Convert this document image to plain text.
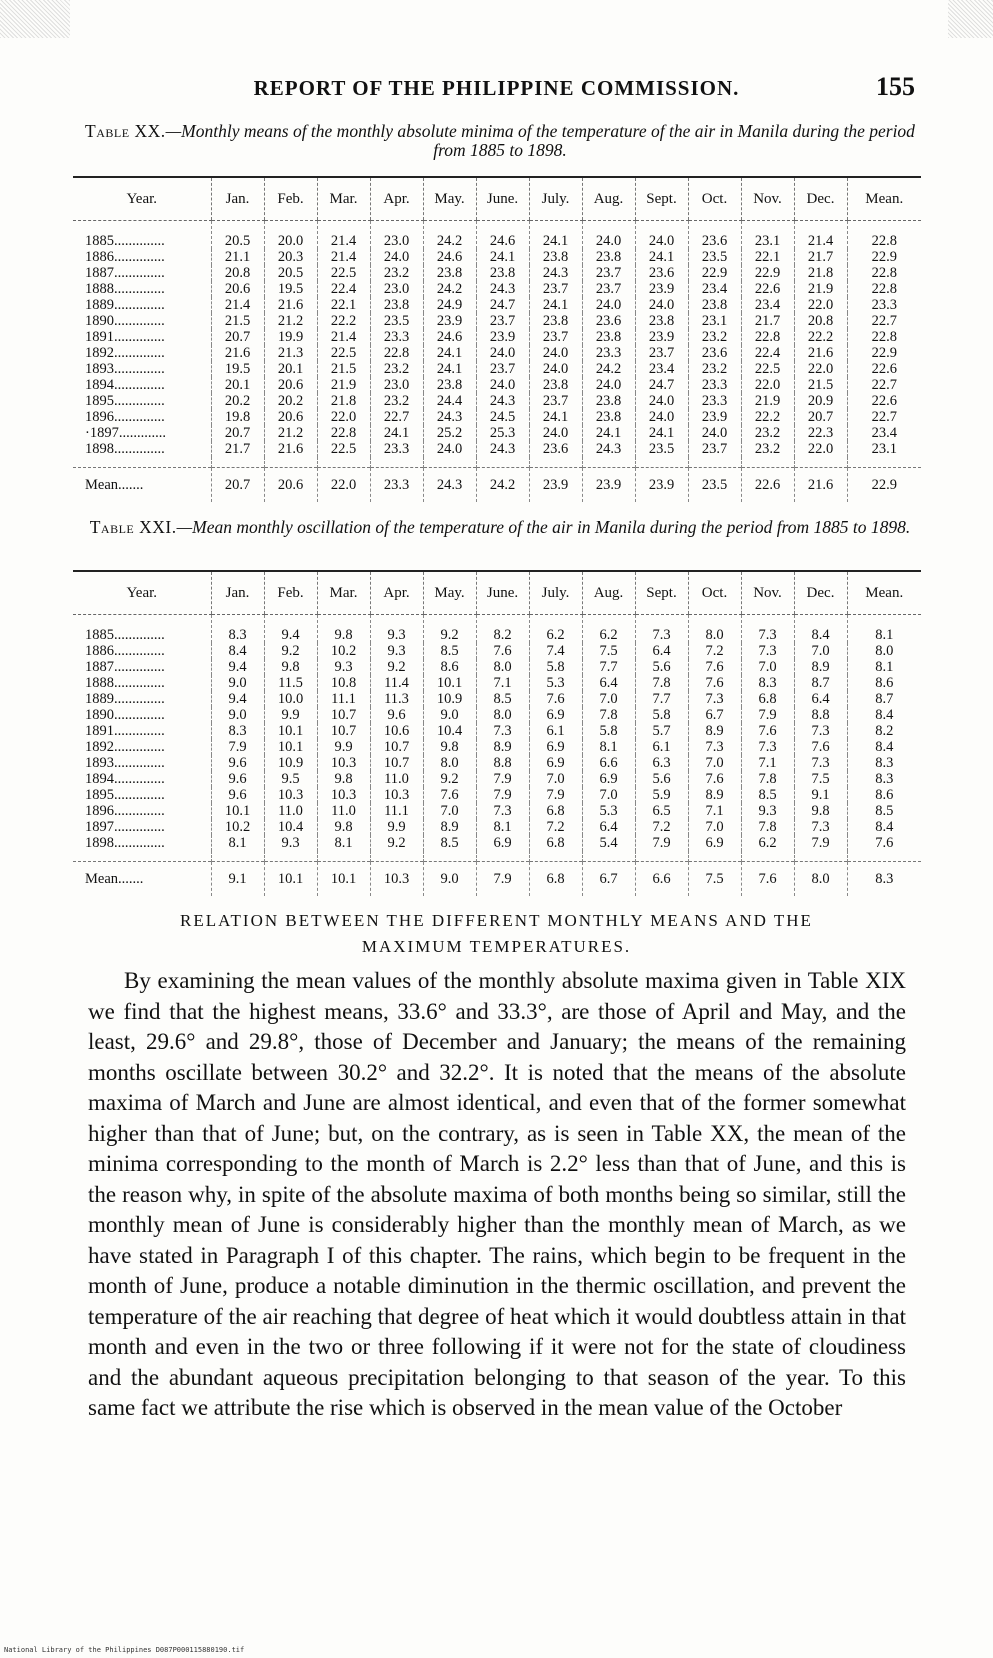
REPORT OF THE PHILIPPINE COMMISSION.	155
Table XX.—Monthly means of the monthly absolute minima of the temperature of the air in Manila during the period from 1885 to 1898.
Year.	Jan.	Feb.	Mar.	Apr.	May.	June.	July.	Aug.	Sept.	Oct.	Nov.	Dec.	Mean.
1885..............	20.5	20.0	21.4	23.0	24.2	24.6	24.1	24.0	24.0	23.6	23.1	21.4	22.8
1886..............	21.1	20.3	21.4	24.0	24.6	24.1	23.8	23.8	24.1	23.5	22.1	21.7	22.9
1887..............	20.8	20.5	22.5	23.2	23.8	23.8	24.3	23.7	23.6	22.9	22.9	21.8	22.8
1888..............	20.6	19.5	22.4	23.0	24.2	24.3	23.7	23.7	23.9	23.4	22.6	21.9	22.8
1889..............	21.4	21.6	22.1	23.8	24.9	24.7	24.1	24.0	24.0	23.8	23.4	22.0	23.3
1890..............	21.5	21.2	22.2	23.5	23.9	23.7	23.8	23.6	23.8	23.1	21.7	20.8	22.7
1891..............	20.7	19.9	21.4	23.3	24.6	23.9	23.7	23.8	23.9	23.2	22.8	22.2	22.8
1892..............	21.6	21.3	22.5	22.8	24.1	24.0	24.0	23.3	23.7	23.6	22.4	21.6	22.9
1893..............	19.5	20.1	21.5	23.2	24.1	23.7	24.0	24.2	23.4	23.2	22.5	22.0	22.6
1894..............	20.1	20.6	21.9	23.0	23.8	24.0	23.8	24.0	24.7	23.3	22.0	21.5	22.7
1895..............	20.2	20.2	21.8	23.2	24.4	24.3	23.7	23.8	24.0	23.3	21.9	20.9	22.6
1896..............	19.8	20.6	22.0	22.7	24.3	24.5	24.1	23.8	24.0	23.9	22.2	20.7	22.7
·1897.............	20.7	21.2	22.8	24.1	25.2	25.3	24.0	24.1	24.1	24.0	23.2	22.3	23.4
1898..............	21.7	21.6	22.5	23.3	24.0	24.3	23.6	24.3	23.5	23.7	23.2	22.0	23.1

Mean.......	20.7	20.6	22.0	23.3	24.3	24.2	23.9	23.9	23.9	23.5	22.6	21.6	22.9
Table XXI.—Mean monthly oscillation of the temperature of the air in Manila during the period from 1885 to 1898.
Year.	Jan.	Feb.	Mar.	Apr.	May.	June.	July.	Aug.	Sept.	Oct.	Nov.	Dec.	Mean.
1885..............	8.3	9.4	9.8	9.3	9.2	8.2	6.2	6.2	7.3	8.0	7.3	8.4	8.1
1886..............	8.4	9.2	10.2	9.3	8.5	7.6	7.4	7.5	6.4	7.2	7.3	7.0	8.0
1887..............	9.4	9.8	9.3	9.2	8.6	8.0	5.8	7.7	5.6	7.6	7.0	8.9	8.1
1888..............	9.0	11.5	10.8	11.4	10.1	7.1	5.3	6.4	7.8	7.6	8.3	8.7	8.6
1889..............	9.4	10.0	11.1	11.3	10.9	8.5	7.6	7.0	7.7	7.3	6.8	6.4	8.7
1890..............	9.0	9.9	10.7	9.6	9.0	8.0	6.9	7.8	5.8	6.7	7.9	8.8	8.4
1891..............	8.3	10.1	10.7	10.6	10.4	7.3	6.1	5.8	5.7	8.9	7.6	7.3	8.2
1892..............	7.9	10.1	9.9	10.7	9.8	8.9	6.9	8.1	6.1	7.3	7.3	7.6	8.4
1893..............	9.6	10.9	10.3	10.7	8.0	8.8	6.9	6.6	6.3	7.0	7.1	7.3	8.3
1894..............	9.6	9.5	9.8	11.0	9.2	7.9	7.0	6.9	5.6	7.6	7.8	7.5	8.3
1895..............	9.6	10.3	10.3	10.3	7.6	7.9	7.9	7.0	5.9	8.9	8.5	9.1	8.6
1896..............	10.1	11.0	11.0	11.1	7.0	7.3	6.8	5.3	6.5	7.1	9.3	9.8	8.5
1897..............	10.2	10.4	9.8	9.9	8.9	8.1	7.2	6.4	7.2	7.0	7.8	7.3	8.4
1898..............	8.1	9.3	8.1	9.2	8.5	6.9	6.8	5.4	7.9	6.9	6.2	7.9	7.6

Mean.......	9.1	10.1	10.1	10.3	9.0	7.9	6.8	6.7	6.6	7.5	7.6	8.0	8.3
RELATION BETWEEN THE DIFFERENT MONTHLY MEANS AND THE
MAXIMUM TEMPERATURES.

By examining the mean values of the monthly absolute maxima given in Table XIX we find that the highest means, 33.6° and 33.3°, are those of April and May, and the least, 29.6° and 29.8°, those of December and January; the means of the remaining months oscillate between 30.2° and 32.2°. It is noted that the means of the absolute maxima of March and June are almost identical, and even that of the former somewhat higher than that of June; but, on the contrary, as is seen in Table XX, the mean of the minima corresponding to the month of March is 2.2° less than that of June, and this is the reason why, in spite of the absolute maxima of both months being so similar, still the monthly mean of June is considerably higher than the monthly mean of March, as we have stated in Paragraph I of this chapter. The rains, which begin to be frequent in the month of June, produce a notable diminution in the thermic oscillation, and prevent the temperature of the air reaching that degree of heat which it would doubtless attain in that month and even in the two or three following if it were not for the state of cloudiness and the abundant aqueous precipitation belonging to that season of the year. To this same fact we attribute the rise which is observed in the mean value of the October

National Library of the Philippines D087P000115880190.tif
